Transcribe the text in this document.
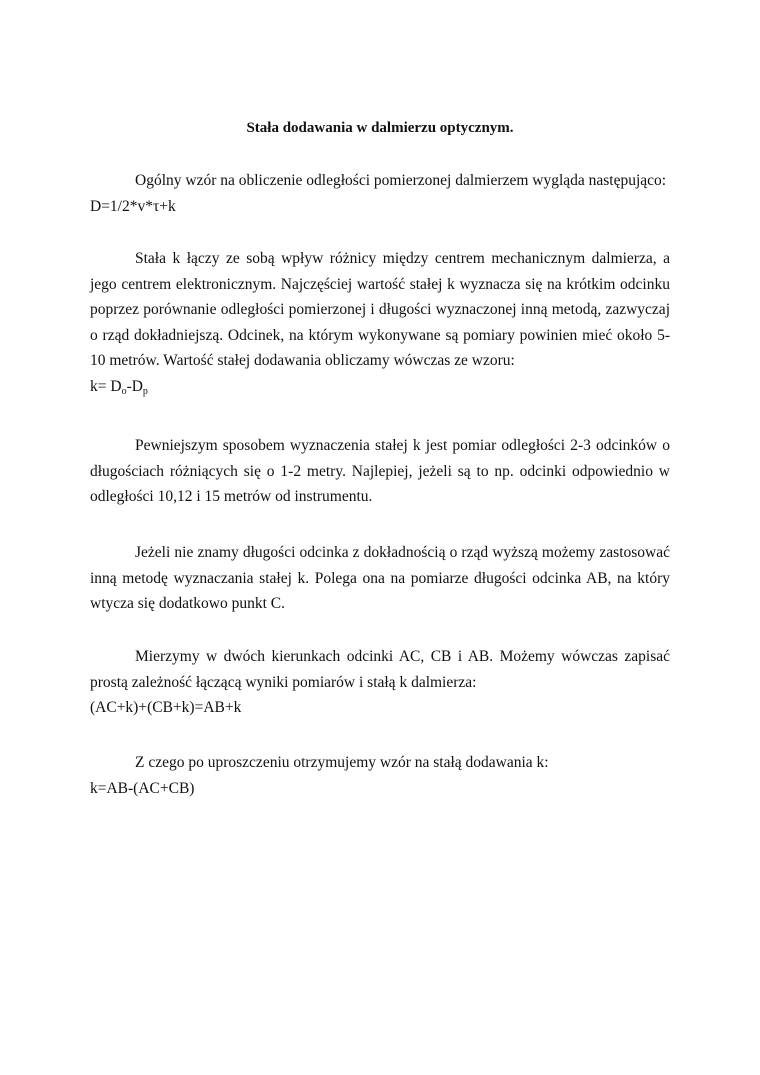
Stała dodawania w dalmierzu optycznym.

Ogólny wzór na obliczenie odległości pomierzonej dalmierzem wygląda następująco:

D=1/2*v*τ+k

Stała k łączy ze sobą wpływ różnicy między centrem mechanicznym dalmierza, a jego centrem elektronicznym. Najczęściej wartość stałej k wyznacza się na krótkim odcinku poprzez porównanie odległości pomierzonej i długości wyznaczonej inną metodą, zazwyczaj o rząd dokładniejszą. Odcinek, na którym wykonywane są pomiary powinien mieć około 5-10 metrów. Wartość stałej dodawania obliczamy wówczas ze wzoru:

$k= D_o-D_p$

Pewniejszym sposobem wyznaczenia stałej k jest pomiar odległości 2-3 odcinków o długościach różniących się o 1-2 metry. Najlepiej, jeżeli są to np. odcinki odpowiednio w odległości 10,12 i 15 metrów od instrumentu.

Jeżeli nie znamy długości odcinka z dokładnością o rząd wyższą możemy zastosować inną metodę wyznaczania stałej k. Polega ona na pomiarze długości odcinka AB, na który wtycza się dodatkowo punkt C.

Mierzymy w dwóch kierunkach odcinki AC, CB i AB. Możemy wówczas zapisać prostą zależność łączącą wyniki pomiarów i stałą k dalmierza:

(AC+k)+(CB+k)=AB+k

Z czego po uproszczeniu otrzymujemy wzór na stałą dodawania k:

k=AB-(AC+CB)
